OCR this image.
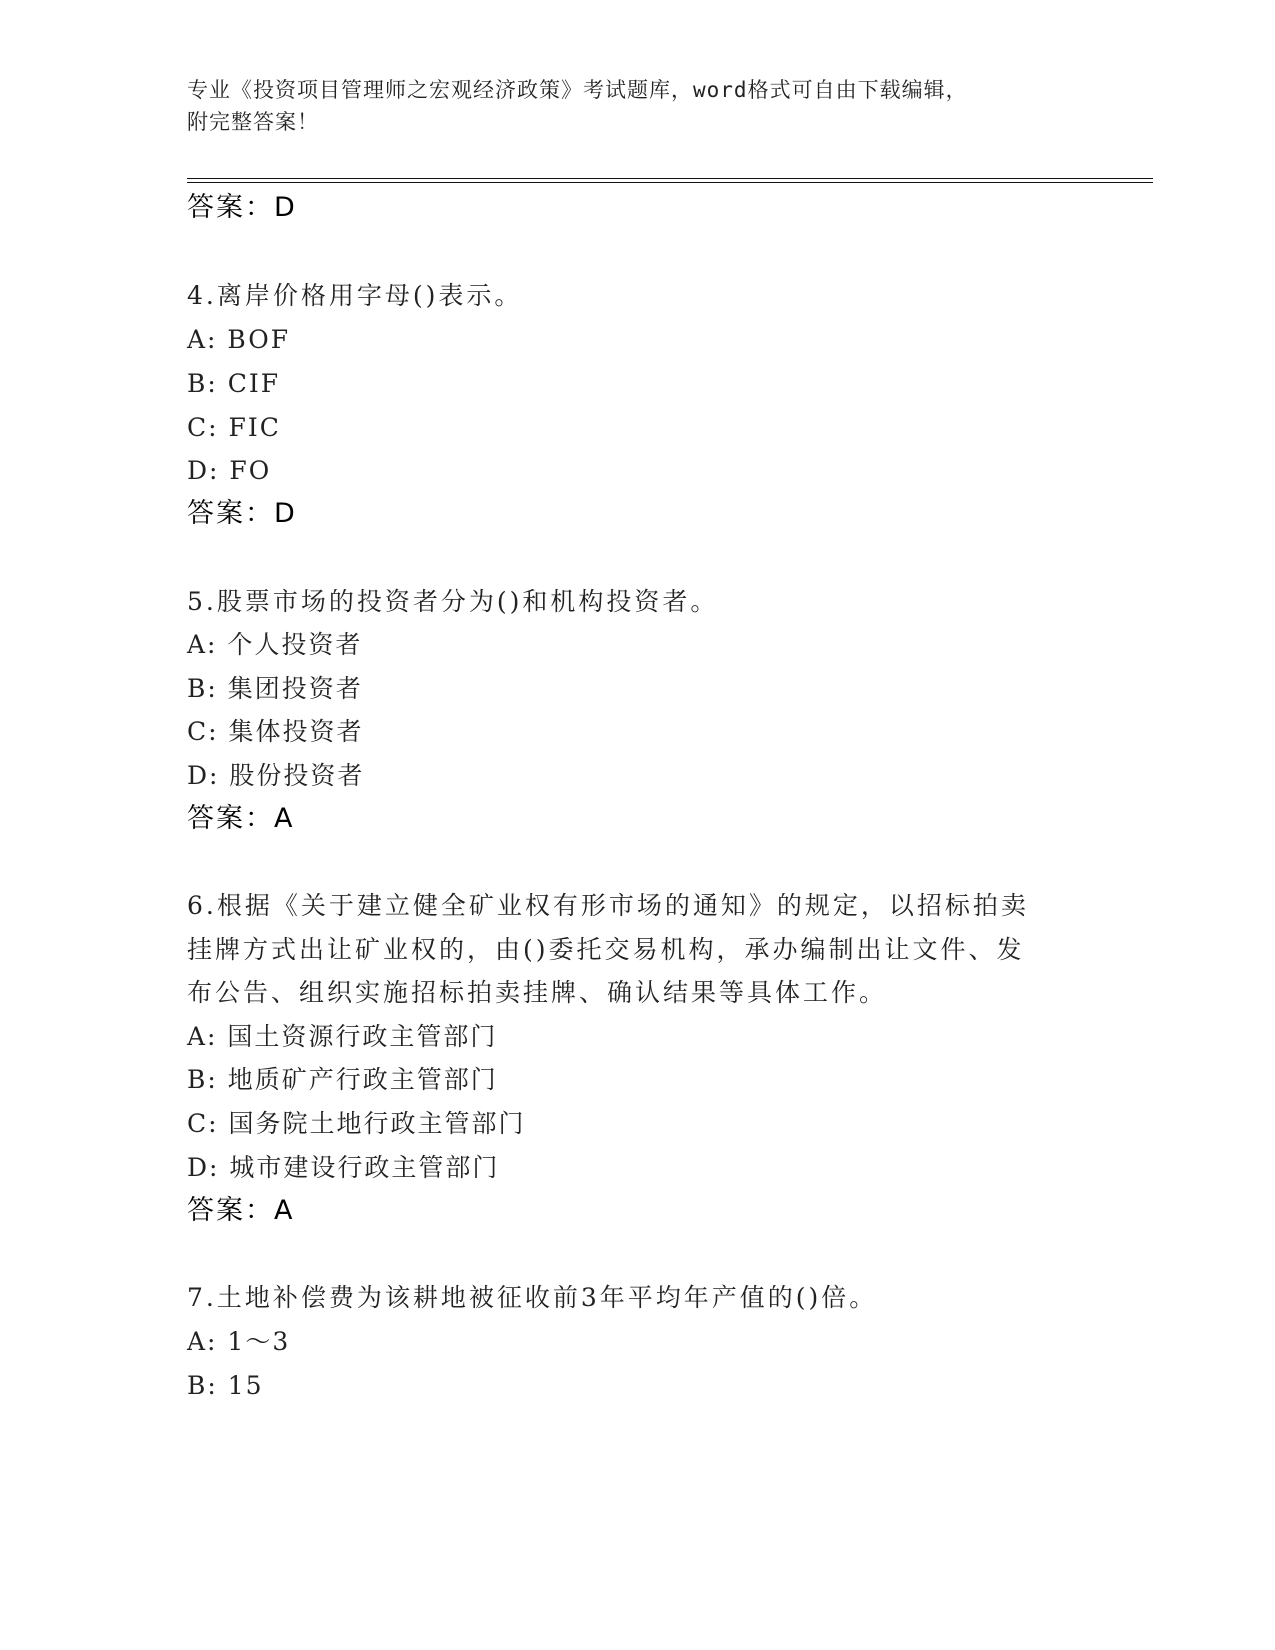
专业《投资项目管理师之宏观经济政策》考试题库，word格式可自由下载编辑，
附完整答案！
答案：D
4.离岸价格用字母()表示。
A: BOF
B: CIF
C: FIC
D: FO
答案：D
5.股票市场的投资者分为()和机构投资者。
A: 个人投资者
B: 集团投资者
C: 集体投资者
D: 股份投资者
答案：A
6.根据《关于建立健全矿业权有形市场的通知》的规定，以招标拍卖
挂牌方式出让矿业权的，由()委托交易机构，承办编制出让文件、发
布公告、组织实施招标拍卖挂牌、确认结果等具体工作。
A: 国土资源行政主管部门
B: 地质矿产行政主管部门
C: 国务院土地行政主管部门
D: 城市建设行政主管部门
答案：A
7.土地补偿费为该耕地被征收前3年平均年产值的()倍。
A: 1～3
B: 15
